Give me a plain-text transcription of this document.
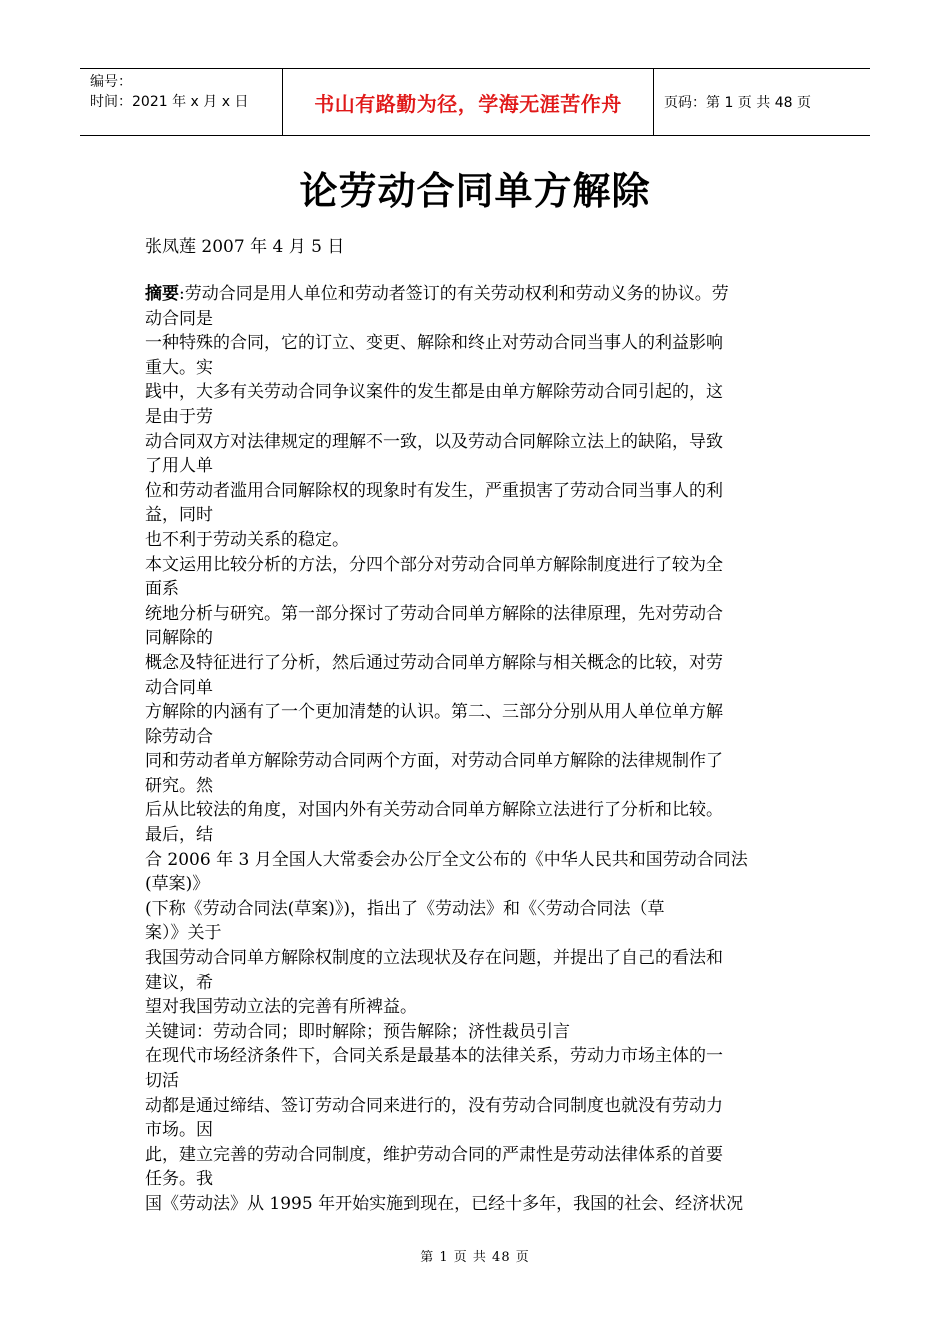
编号：
时间：2021 年 x 月 x 日	书山有路勤为径，学海无涯苦作舟	页码：第 1 页 共 48 页
论劳动合同单方解除
张凤莲 2007 年 4 月 5 日
摘要:劳动合同是用人单位和劳动者签订的有关劳动权利和劳动义务的协议。劳
动合同是
一种特殊的合同，它的订立、变更、解除和终止对劳动合同当事人的利益影响
重大。实
践中，大多有关劳动合同争议案件的发生都是由单方解除劳动合同引起的，这
是由于劳
动合同双方对法律规定的理解不一致，以及劳动合同解除立法上的缺陷，导致
了用人单
位和劳动者滥用合同解除权的现象时有发生，严重损害了劳动合同当事人的利
益，同时
也不利于劳动关系的稳定。
本文运用比较分析的方法，分四个部分对劳动合同单方解除制度进行了较为全
面系
统地分析与研究。第一部分探讨了劳动合同单方解除的法律原理，先对劳动合
同解除的
概念及特征进行了分析，然后通过劳动合同单方解除与相关概念的比较，对劳
动合同单
方解除的内涵有了一个更加清楚的认识。第二、三部分分别从用人单位单方解
除劳动合
同和劳动者单方解除劳动合同两个方面，对劳动合同单方解除的法律规制作了
研究。然
后从比较法的角度，对国内外有关劳动合同单方解除立法进行了分析和比较。
最后，结
合 2006 年 3 月全国人大常委会办公厅全文公布的《中华人民共和国劳动合同法
(草案)》
(下称《劳动合同法(草案)》)，指出了《劳动法》和《〈劳动合同法（草
案）》关于
我国劳动合同单方解除权制度的立法现状及存在问题，并提出了自己的看法和
建议，希
望对我国劳动立法的完善有所裨益。
关键词：劳动合同；即时解除；预告解除；济性裁员引言
在现代市场经济条件下，合同关系是最基本的法律关系，劳动力市场主体的一
切活
动都是通过缔结、签订劳动合同来进行的，没有劳动合同制度也就没有劳动力
市场。因
此，建立完善的劳动合同制度，维护劳动合同的严肃性是劳动法律体系的首要
任务。我
国《劳动法》从 1995 年开始实施到现在，已经十多年，我国的社会、经济状况
第 1 页 共 48 页
